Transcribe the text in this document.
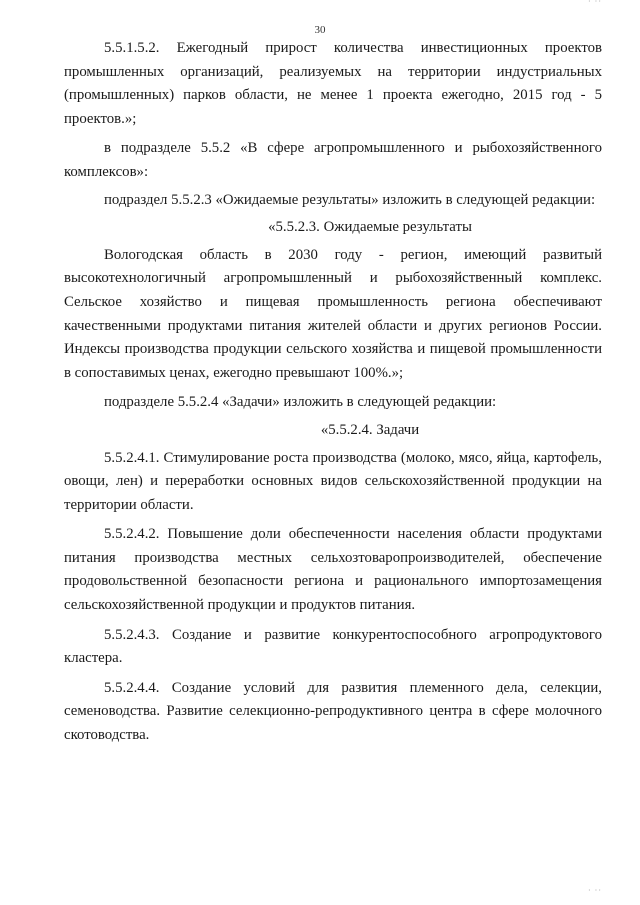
· ··
30

5.5.1.5.2. Ежегодный прирост количества инвестиционных проектов промышленных организаций, реализуемых на территории индустриальных (промышленных) парков области, не менее 1 проекта ежегодно, 2015 год - 5 проектов.»;

в подразделе 5.5.2 «В сфере агропромышленного и рыбохозяйственного комплексов»:

подраздел 5.5.2.3 «Ожидаемые результаты» изложить в следующей редакции:

«5.5.2.3. Ожидаемые результаты

Вологодская область в 2030 году - регион, имеющий развитый высокотехнологичный агропромышленный и рыбохозяйственный комплекс. Сельское хозяйство и пищевая промышленность региона обеспечивают качественными продуктами питания жителей области и других регионов России. Индексы производства продукции сельского хозяйства и пищевой промышленности в сопоставимых ценах, ежегодно превышают 100%.»;

подразделе 5.5.2.4 «Задачи» изложить в следующей редакции:

«5.5.2.4. Задачи

5.5.2.4.1. Стимулирование роста производства (молоко, мясо, яйца, картофель, овощи, лен) и переработки основных видов сельскохозяйственной продукции на территории области.

5.5.2.4.2. Повышение доли обеспеченности населения области продуктами питания производства местных сельхозтоваропроизводителей, обеспечение продовольственной безопасности региона и рационального импортозамещения сельскохозяйственной продукции и продуктов питания.

5.5.2.4.3. Создание и развитие конкурентоспособного агропродуктового кластера.

5.5.2.4.4. Создание условий для развития племенного дела, селекции, семеноводства. Развитие селекционно-репродуктивного центра в сфере молочного скотоводства.

· ··
